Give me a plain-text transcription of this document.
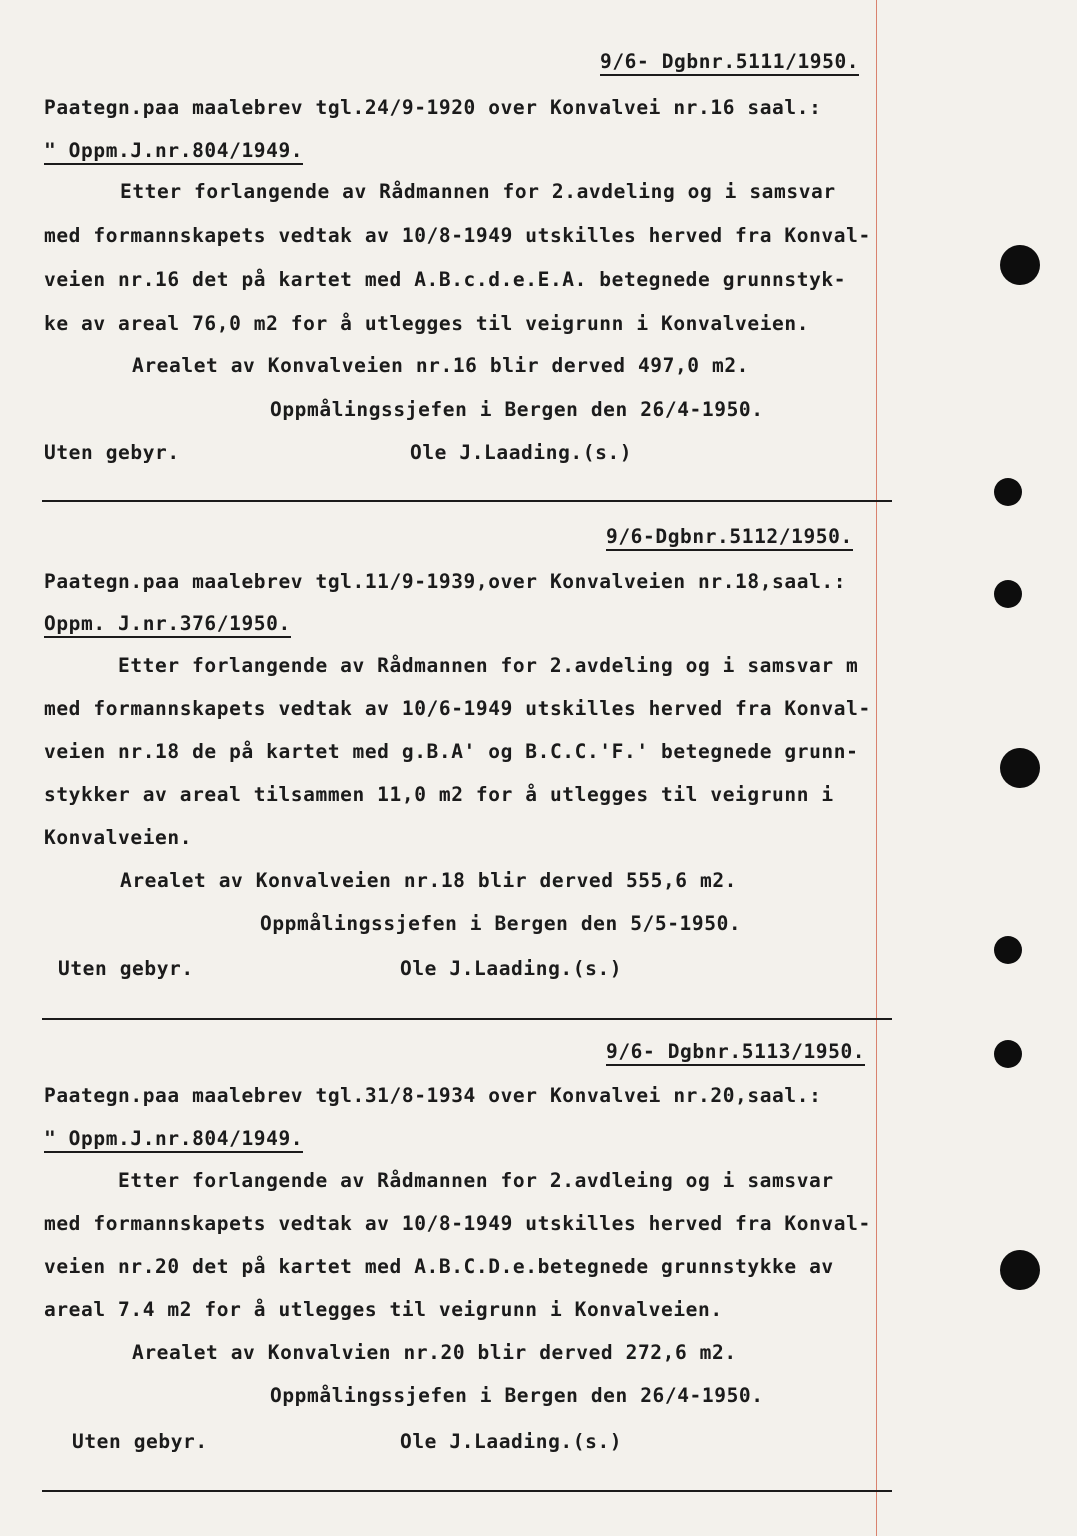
9/6- Dgbnr.5111/1950.
Paategn.paa maalebrev tgl.24/9-1920 over Konvalvei nr.16 saal.:
" Oppm.J.nr.804/1949.
Etter forlangende av Rådmannen for 2.avdeling og i samsvar
med formannskapets vedtak av 10/8-1949 utskilles herved fra Konval-
veien nr.16 det på kartet med A.B.c.d.e.E.A. betegnede grunnstyk-
ke av areal 76,0 m2 for å utlegges til veigrunn i Konvalveien.
Arealet av Konvalveien nr.16 blir derved 497,0 m2.
Oppmålingssjefen i Bergen den 26/4-1950.
Uten gebyr.	Ole J.Laading.(s.)
9/6-Dgbnr.5112/1950.
Paategn.paa maalebrev tgl.11/9-1939,over Konvalveien nr.18,saal.:
Oppm. J.nr.376/1950.
Etter forlangende av Rådmannen for 2.avdeling og i samsvar m
med formannskapets vedtak av 10/6-1949 utskilles herved fra Konval-
veien nr.18 de på kartet med g.B.A' og B.C.C.'F.' betegnede grunn-
stykker av areal tilsammen 11,0 m2 for å utlegges til veigrunn i
Konvalveien.
Arealet av Konvalveien nr.18 blir derved 555,6 m2.
Oppmålingssjefen i Bergen den 5/5-1950.
Uten gebyr.	Ole J.Laading.(s.)
9/6- Dgbnr.5113/1950.
Paategn.paa maalebrev tgl.31/8-1934 over Konvalvei nr.20,saal.:
" Oppm.J.nr.804/1949.
Etter forlangende av Rådmannen for 2.avdleing og i samsvar
med formannskapets vedtak av 10/8-1949 utskilles herved fra Konval-
veien nr.20 det på kartet med A.B.C.D.e.betegnede grunnstykke av
areal 7.4 m2 for å utlegges til veigrunn i Konvalveien.
Arealet av Konvalvien nr.20 blir derved 272,6 m2.
Oppmålingssjefen i Bergen den 26/4-1950.
Uten gebyr.	Ole J.Laading.(s.)
